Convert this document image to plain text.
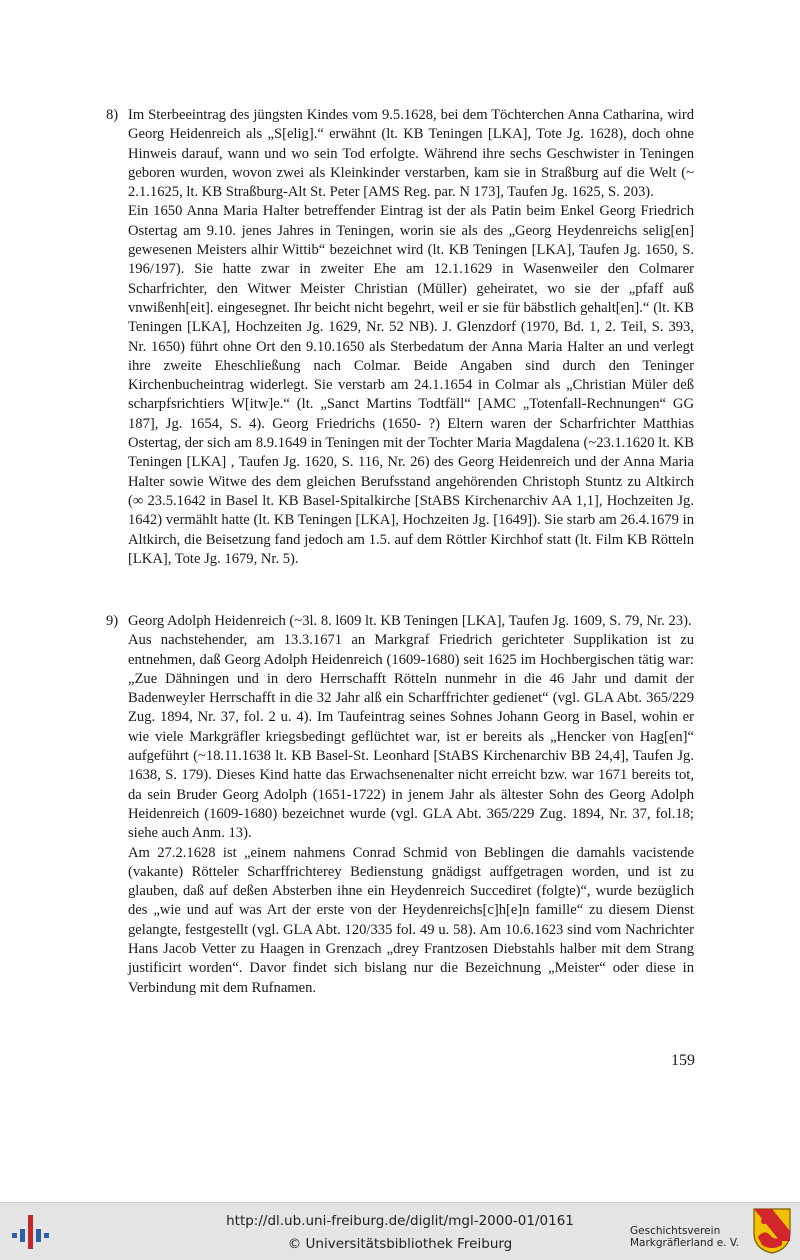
8) Im Sterbeeintrag des jüngsten Kindes vom 9.5.1628, bei dem Töchterchen Anna Catharina, wird Georg Heidenreich als „S[elig].“ erwähnt (lt. KB Teningen [LKA], Tote Jg. 1628), doch ohne Hinweis darauf, wann und wo sein Tod erfolgte. Während ihre sechs Geschwister in Teningen geboren wurden, wovon zwei als Kleinkinder verstarben, kam sie in Straßburg auf die Welt (~ 2.1.1625, lt. KB Straßburg-Alt St. Peter [AMS Reg. par. N 173], Taufen Jg. 1625, S. 203).

Ein 1650 Anna Maria Halter betreffender Eintrag ist der als Patin beim Enkel Georg Friedrich Ostertag am 9.10. jenes Jahres in Teningen, worin sie als des „Georg Heydenreichs selig[en] gewesenen Meisters alhir Wittib“ bezeichnet wird (lt. KB Teningen [LKA], Taufen Jg. 1650, S. 196/197). Sie hatte zwar in zweiter Ehe am 12.1.1629 in Wasenweiler den Colmarer Scharfrichter, den Witwer Meister Christian (Müller) geheiratet, wo sie der „pfaff auß vnwißenh[eit]. eingesegnet. Ihr beicht nicht begehrt, weil er sie für bäbstlich gehalt[en].“ (lt. KB Teningen [LKA], Hochzeiten Jg. 1629, Nr. 52 NB). J. Glenzdorf (1970, Bd. 1, 2. Teil, S. 393, Nr. 1650) führt ohne Ort den 9.10.1650 als Sterbedatum der Anna Maria Halter an und verlegt ihre zweite Eheschließung nach Colmar. Beide Angaben sind durch den Teninger Kirchenbucheintrag widerlegt. Sie verstarb am 24.1.1654 in Colmar als „Christian Müler deß scharpfsrichtiers W[itw]e.“ (lt. „Sanct Martins Todtfäll“ [AMC „Totenfall-Rechnungen“ GG 187], Jg. 1654, S. 4). Georg Friedrichs (1650- ?) Eltern waren der Scharfrichter Matthias Ostertag, der sich am 8.9.1649 in Teningen mit der Tochter Maria Magdalena (~23.1.1620 lt. KB Teningen [LKA] , Taufen Jg. 1620, S. 116, Nr. 26) des Georg Heidenreich und der Anna Maria Halter sowie Witwe des dem gleichen Berufsstand angehörenden Christoph Stuntz zu Altkirch (∞ 23.5.1642 in Basel lt. KB Basel-Spitalkirche [StABS Kirchenarchiv AA 1,1], Hochzeiten Jg. 1642) vermählt hatte (lt. KB Teningen [LKA], Hochzeiten Jg. [1649]). Sie starb am 26.4.1679 in Altkirch, die Beisetzung fand jedoch am 1.5. auf dem Röttler Kirchhof statt (lt. Film KB Rötteln [LKA], Tote Jg. 1679, Nr. 5).

9) Georg Adolph Heidenreich (~3l. 8. l609 lt. KB Teningen [LKA], Taufen Jg. 1609, S. 79, Nr. 23).

Aus nachstehender, am 13.3.1671 an Markgraf Friedrich gerichteter Supplikation ist zu entnehmen, daß Georg Adolph Heidenreich (1609-1680) seit 1625 im Hochbergischen tätig war: „Zue Dähningen und in dero Herrschafft Rötteln nunmehr in die 46 Jahr und damit der Badenweyler Herrschafft in die 32 Jahr alß ein Scharffrichter gedienet“ (vgl. GLA Abt. 365/229 Zug. 1894, Nr. 37, fol. 2 u. 4). Im Taufeintrag seines Sohnes Johann Georg in Basel, wohin er wie viele Markgräfler kriegsbedingt geflüchtet war, ist er bereits als „Hencker von Hag[en]“ aufgeführt (~18.11.1638 lt. KB Basel-St. Leonhard [StABS Kirchenarchiv BB 24,4], Taufen Jg. 1638, S. 179). Dieses Kind hatte das Erwachsenenalter nicht erreicht bzw. war 1671 bereits tot, da sein Bruder Georg Adolph (1651-1722) in jenem Jahr als ältester Sohn des Georg Adolph Heidenreich (1609-1680) bezeichnet wurde (vgl. GLA Abt. 365/229 Zug. 1894, Nr. 37, fol.18; siehe auch Anm. 13).

Am 27.2.1628 ist „einem nahmens Conrad Schmid von Beblingen die damahls vacistende (vakante) Rötteler Scharffrichterey Bedienstung gnädigst auffgetragen worden, und ist zu glauben, daß auf deßen Absterben ihne ein Heydenreich Succediret (folgte)“, wurde bezüglich des „wie und auf was Art der erste von der Heydenreichs[c]h[e]n famille“ zu diesem Dienst gelangte, festgestellt (vgl. GLA Abt. 120/335 fol. 49 u. 58). Am 10.6.1623 sind vom Nachrichter Hans Jacob Vetter zu Haagen in Grenzach „drey Frantzosen Diebstahls halber mit dem Strang justificirt worden“. Davor findet sich bislang nur die Bezeichnung „Meister“ oder diese in Verbindung mit dem Rufnamen.

159
http://dl.ub.uni-freiburg.de/diglit/mgl-2000-01/0161
© Universitätsbibliothek Freiburg
Geschichtsverein
Markgräflerland e. V.
